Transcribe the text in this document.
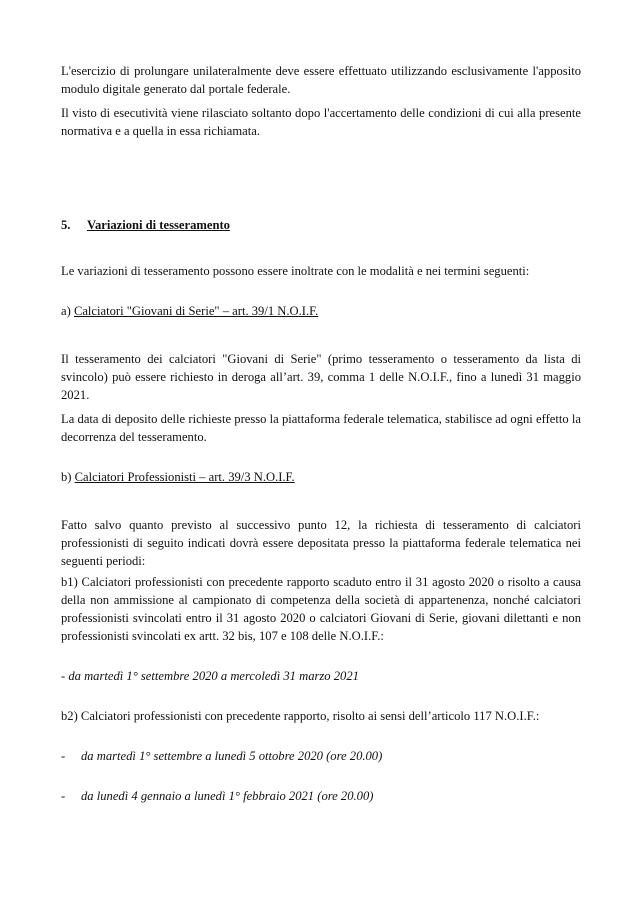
L'esercizio di prolungare unilateralmente deve essere effettuato utilizzando esclusivamente l'apposito modulo digitale generato dal portale federale.

Il visto di esecutività viene rilasciato soltanto dopo l'accertamento delle condizioni di cui alla presente normativa e a quella in essa richiamata.

5. Variazioni di tesseramento

Le variazioni di tesseramento possono essere inoltrate con le modalità e nei termini seguenti:

a) Calciatori "Giovani di Serie" – art. 39/1 N.O.I.F.

Il tesseramento dei calciatori "Giovani di Serie" (primo tesseramento o tesseramento da lista di svincolo) può essere richiesto in deroga all’art. 39, comma 1 delle N.O.I.F., fino a lunedì 31 maggio 2021.

La data di deposito delle richieste presso la piattaforma federale telematica, stabilisce ad ogni effetto la decorrenza del tesseramento.

b) Calciatori Professionisti – art. 39/3 N.O.I.F.

Fatto salvo quanto previsto al successivo punto 12, la richiesta di tesseramento di calciatori professionisti di seguito indicati dovrà essere depositata presso la piattaforma federale telematica nei seguenti periodi:

b1) Calciatori professionisti con precedente rapporto scaduto entro il 31 agosto 2020 o risolto a causa della non ammissione al campionato di competenza della società di appartenenza, nonché calciatori professionisti svincolati entro il 31 agosto 2020 o calciatori Giovani di Serie, giovani dilettanti e non professionisti svincolati ex artt. 32 bis, 107 e 108 delle N.O.I.F.:

- da martedì 1° settembre 2020 a mercoledì 31 marzo 2021

b2) Calciatori professionisti con precedente rapporto, risolto ai sensi dell’articolo 117 N.O.I.F.:

-	da martedì 1° settembre a lunedì 5 ottobre 2020 (ore 20.00)
-	da lunedì 4 gennaio a lunedì 1° febbraio 2021 (ore 20.00)
